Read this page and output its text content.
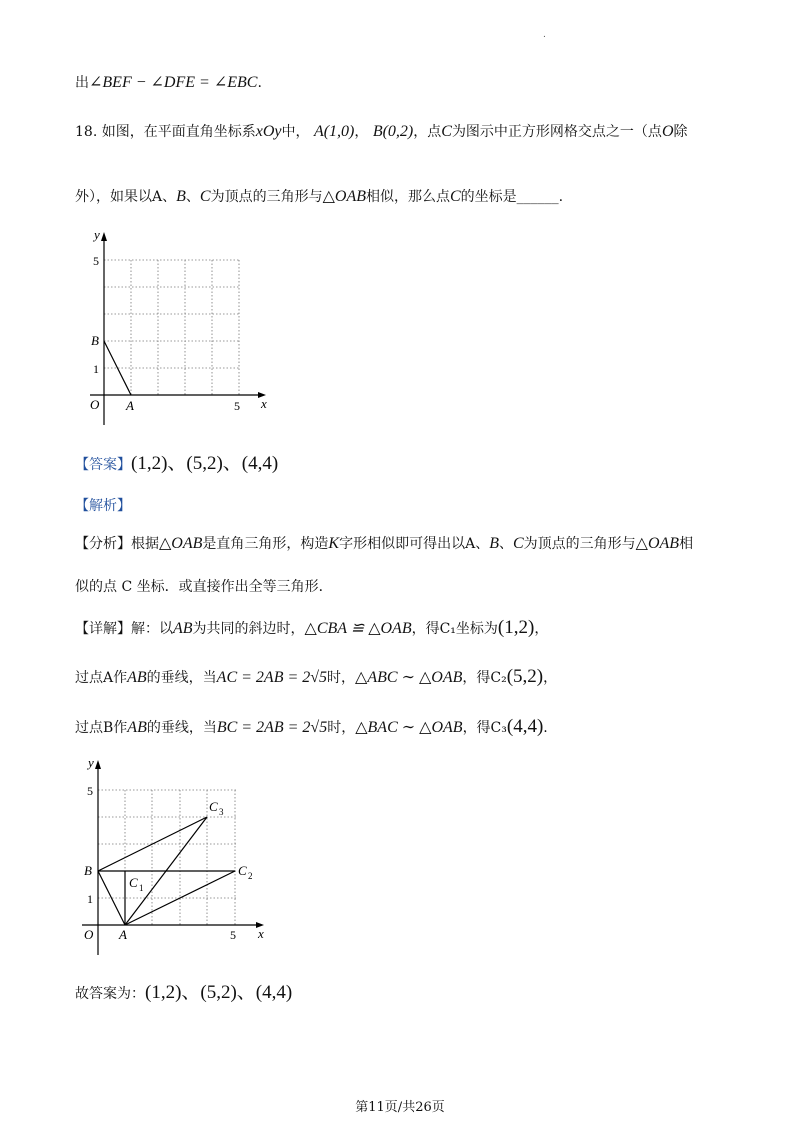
.
出∠BEF − ∠DFE = ∠EBC.
18. 如图，在平面直角坐标系xOy中， A(1,0)， B(0,2)，点C为图示中正方形网格交点之一（点O除
外），如果以A、B、C为顶点的三角形与△OAB相似，那么点C的坐标是______.
y
x
5
1
5
O A
B
【答案】(1,2)、(5,2)、(4,4)
【解析】
【分析】根据△OAB是直角三角形，构造K字形相似即可得出以A、B、C为顶点的三角形与△OAB相
似的点 C 坐标．或直接作出全等三角形．
【详解】解：以AB为共同的斜边时，△CBA ≌ △OAB，得C₁坐标为(1,2)，
过点A作AB的垂线，当AC = 2AB = 2√5时，△ABC ∼ △OAB，得C₂(5,2)，
过点B作AB的垂线，当BC = 2AB = 2√5时，△BAC ∼ △OAB，得C₃(4,4).
y
x
5
1
5
O A
B
C 1
C 2
C 3
故答案为：(1,2)、(5,2)、(4,4)
第11页/共26页
